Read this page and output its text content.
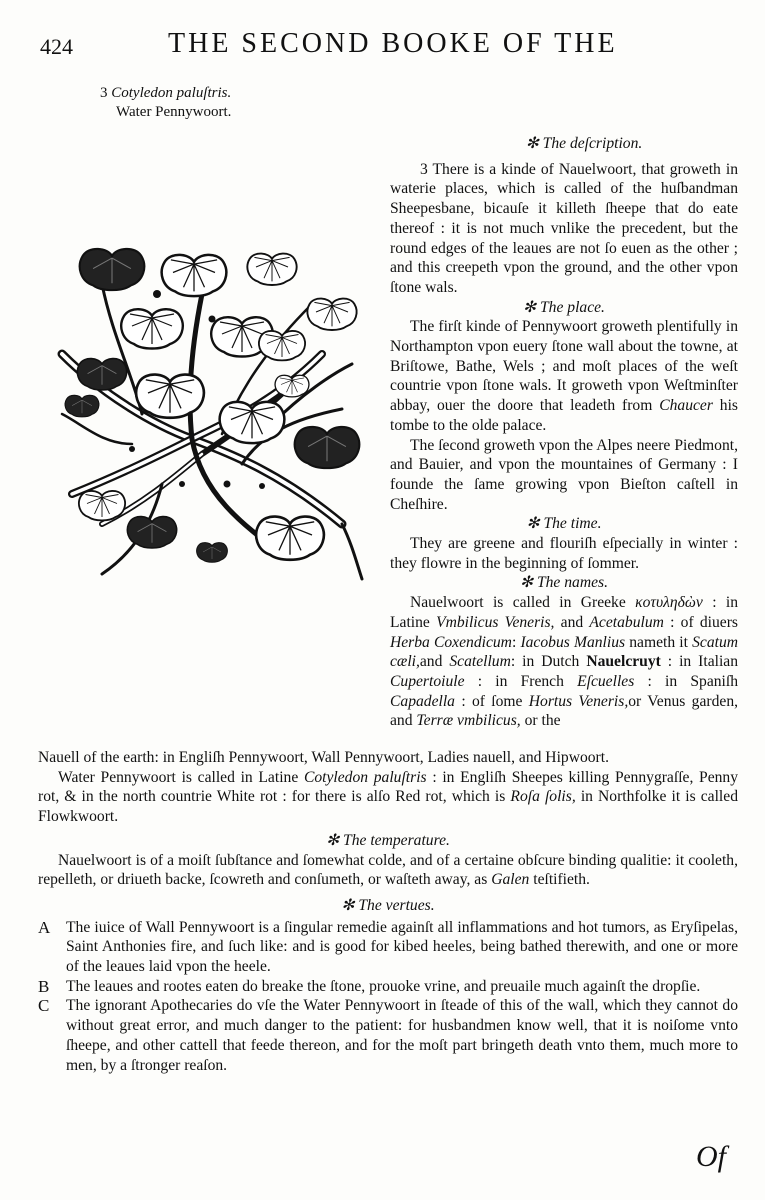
424	THE SECOND BOOKE OF THE
3 Cotyledon paluſtris.
Water Pennywoort.

✻ The deſcription.

3 There is a kinde of Nauelwoort, that groweth in waterie places, which is called of the huſbandman Sheepesbane, bicauſe it killeth ſheepe that do eate thereof : it is not much vnlike the precedent, but the round edges of the leaues are not ſo euen as the other ; and this creepeth vpon the ground, and the other vpon ſtone wals.

✻ The place.

The firſt kinde of Pennywoort groweth plentifully in Northampton vpon euery ſtone wall about the towne, at Briſtowe, Bathe, Wels ; and moſt places of the weſt countrie vpon ſtone wals. It groweth vpon Weſtminſter abbay, ouer the doore that leadeth from Chaucer his tombe to the olde palace.

The ſecond groweth vpon the Alpes neere Piedmont, and Bauier, and vpon the mountaines of Germany : I founde the ſame growing vpon Bieſton caſtell in Cheſhire.

✻ The time.

They are greene and flouriſh eſpecially in winter : they flowre in the beginning of ſommer.

✻ The names.

Nauelwoort is called in Greeke κοτυληδὼν : in Latine Vmbilicus Veneris, and Acetabulum : of diuers Herba Coxendicum: Iacobus Manlius nameth it Scatum cæli,and Scatellum: in Dutch Nauelcruyt : in Italian Cupertoiule : in French Eſcuelles : in Spaniſh Capadella : of ſome Hortus Veneris,or Venus garden, and Terræ vmbilicus, or the

Nauell of the earth: in Engliſh Pennywoort, Wall Pennywoort, Ladies nauell, and Hipwoort.

Water Pennywoort is called in Latine Cotyledon paluſtris : in Engliſh Sheepes killing Pennygraſſe, Penny rot, & in the north countrie White rot : for there is alſo Red rot, which is Roſa ſolis, in Northfolke it is called Flowkwoort.

✻ The temperature.

Nauelwoort is of a moiſt ſubſtance and ſomewhat colde, and of a certaine obſcure binding qualitie: it cooleth, repelleth, or driueth backe, ſcowreth and conſumeth, or waſteth away, as Galen teſtifieth.

✻ The vertues.

A	The iuice of Wall Pennywoort is a ſingular remedie againſt all inflammations and hot tumors, as Eryſipelas, Saint Anthonies fire, and ſuch like: and is good for kibed heeles, being bathed therewith, and one or more of the leaues laid vpon the heele.
B	The leaues and rootes eaten do breake the ſtone, prouoke vrine, and preuaile much againſt the dropſie.
C	The ignorant Apothecaries do vſe the Water Pennywoort in ſteade of this of the wall, which they cannot do without great error, and much danger to the patient: for husbandmen know well, that it is noiſome vnto ſheepe, and other cattell that feede thereon, and for the moſt part bringeth death vnto them, much more to men, by a ſtronger reaſon.
Of
